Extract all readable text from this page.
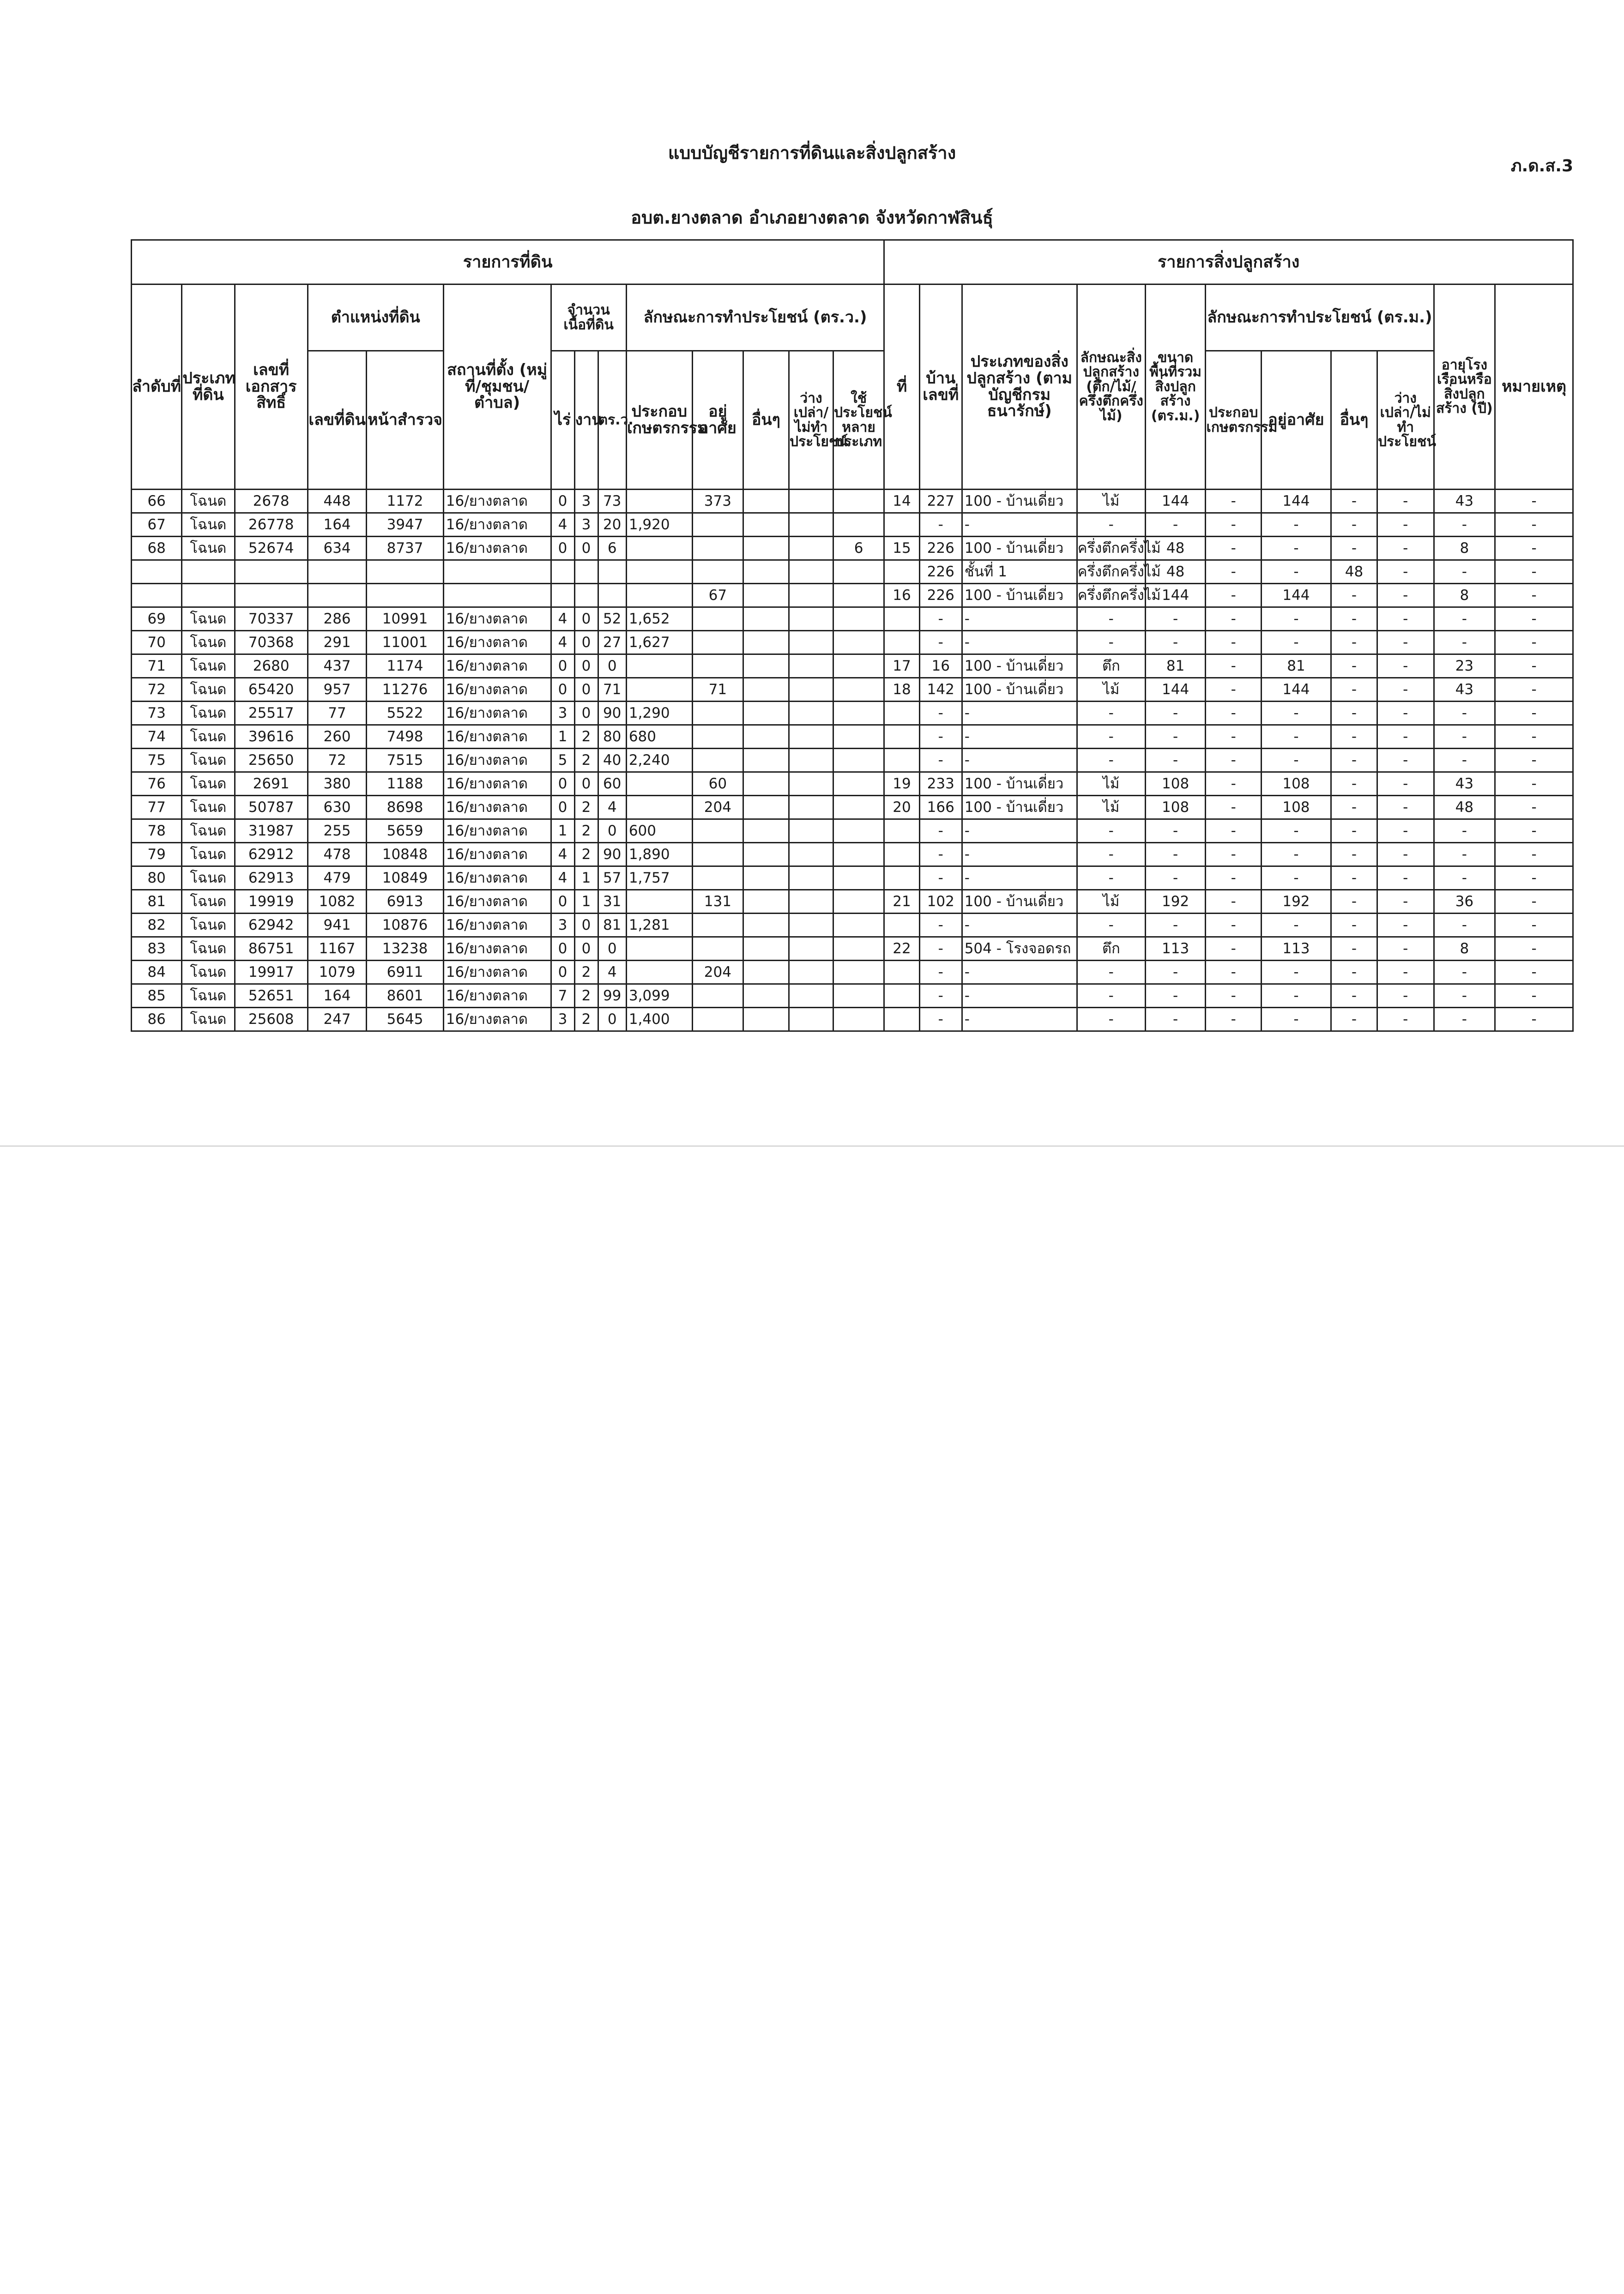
แบบบัญชีรายการที่ดินและสิ่งปลูกสร้าง
ภ.ด.ส.3
อบต.ยางตลาด อำเภอยางตลาด จังหวัดกาฬสินธุ์
รายการที่ดิน														รายการสิ่งปลูกสร้าง										
ลำดับที่	ประเภทที่ดิน	เลขที่เอกสารสิทธิ์	ตำแหน่งที่ดิน		สถานที่ตั้ง (หมู่ที่/ชุมชน/ตำบล)	จำนวนเนื้อที่ดิน			ลักษณะการทำประโยชน์ (ตร.ว.)					ที่	บ้านเลขที่	ประเภทของสิ่งปลูกสร้าง (ตามบัญชีกรมธนารักษ์)	ลักษณะสิ่งปลูกสร้าง (ตึก/ไม้/ครึ่งตึกครึ่งไม้)	ขนาดพื้นที่รวมสิ่งปลูกสร้าง (ตร.ม.)	ลักษณะการทำประโยชน์ (ตร.ม.)				อายุโรงเรือนหรือสิ่งปลูกสร้าง (ปี)	หมายเหตุ
			เลขที่ดิน	หน้าสำรวจ		ไร่	งาน	ตร.ว.	ประกอบเกษตรกรรม	อยู่อาศัย	อื่นๆ	ว่างเปล่า/ไม่ทำประโยชน์	ใช้ประโยชน์หลายประเภท						ประกอบเกษตรกรรม	อยู่อาศัย	อื่นๆ	ว่างเปล่า/ไม่ทำประโยชน์		

66	โฉนด	2678	448	1172	16/ยางตลาด	0	3	73		373				14	227	100 - บ้านเดี่ยว	ไม้	144	-	144	-	-	43	-
67	โฉนด	26778	164	3947	16/ยางตลาด	4	3	20	1,920						-	-	-	-	-	-	-	-	-	-
68	โฉนด	52674	634	8737	16/ยางตลาด	0	0	6					6	15	226	100 - บ้านเดี่ยว	ครึ่งตึกครึ่งไม้	48	-	-	-	-	8	-
															226	ชั้นที่ 1	ครึ่งตึกครึ่งไม้	48	-	-	48	-	-	-
										67				16	226	100 - บ้านเดี่ยว	ครึ่งตึกครึ่งไม้	144	-	144	-	-	8	-
69	โฉนด	70337	286	10991	16/ยางตลาด	4	0	52	1,652						-	-	-	-	-	-	-	-	-	-
70	โฉนด	70368	291	11001	16/ยางตลาด	4	0	27	1,627						-	-	-	-	-	-	-	-	-	-
71	โฉนด	2680	437	1174	16/ยางตลาด	0	0	0						17	16	100 - บ้านเดี่ยว	ตึก	81	-	81	-	-	23	-
72	โฉนด	65420	957	11276	16/ยางตลาด	0	0	71		71				18	142	100 - บ้านเดี่ยว	ไม้	144	-	144	-	-	43	-
73	โฉนด	25517	77	5522	16/ยางตลาด	3	0	90	1,290						-	-	-	-	-	-	-	-	-	-
74	โฉนด	39616	260	7498	16/ยางตลาด	1	2	80	680						-	-	-	-	-	-	-	-	-	-
75	โฉนด	25650	72	7515	16/ยางตลาด	5	2	40	2,240						-	-	-	-	-	-	-	-	-	-
76	โฉนด	2691	380	1188	16/ยางตลาด	0	0	60		60				19	233	100 - บ้านเดี่ยว	ไม้	108	-	108	-	-	43	-
77	โฉนด	50787	630	8698	16/ยางตลาด	0	2	4		204				20	166	100 - บ้านเดี่ยว	ไม้	108	-	108	-	-	48	-
78	โฉนด	31987	255	5659	16/ยางตลาด	1	2	0	600						-	-	-	-	-	-	-	-	-	-
79	โฉนด	62912	478	10848	16/ยางตลาด	4	2	90	1,890						-	-	-	-	-	-	-	-	-	-
80	โฉนด	62913	479	10849	16/ยางตลาด	4	1	57	1,757						-	-	-	-	-	-	-	-	-	-
81	โฉนด	19919	1082	6913	16/ยางตลาด	0	1	31		131				21	102	100 - บ้านเดี่ยว	ไม้	192	-	192	-	-	36	-
82	โฉนด	62942	941	10876	16/ยางตลาด	3	0	81	1,281						-	-	-	-	-	-	-	-	-	-
83	โฉนด	86751	1167	13238	16/ยางตลาด	0	0	0						22	-	504 - โรงจอดรถ	ตึก	113	-	113	-	-	8	-
84	โฉนด	19917	1079	6911	16/ยางตลาด	0	2	4		204					-	-	-	-	-	-	-	-	-	-
85	โฉนด	52651	164	8601	16/ยางตลาด	7	2	99	3,099						-	-	-	-	-	-	-	-	-	-
86	โฉนด	25608	247	5645	16/ยางตลาด	3	2	0	1,400						-	-	-	-	-	-	-	-	-	-
